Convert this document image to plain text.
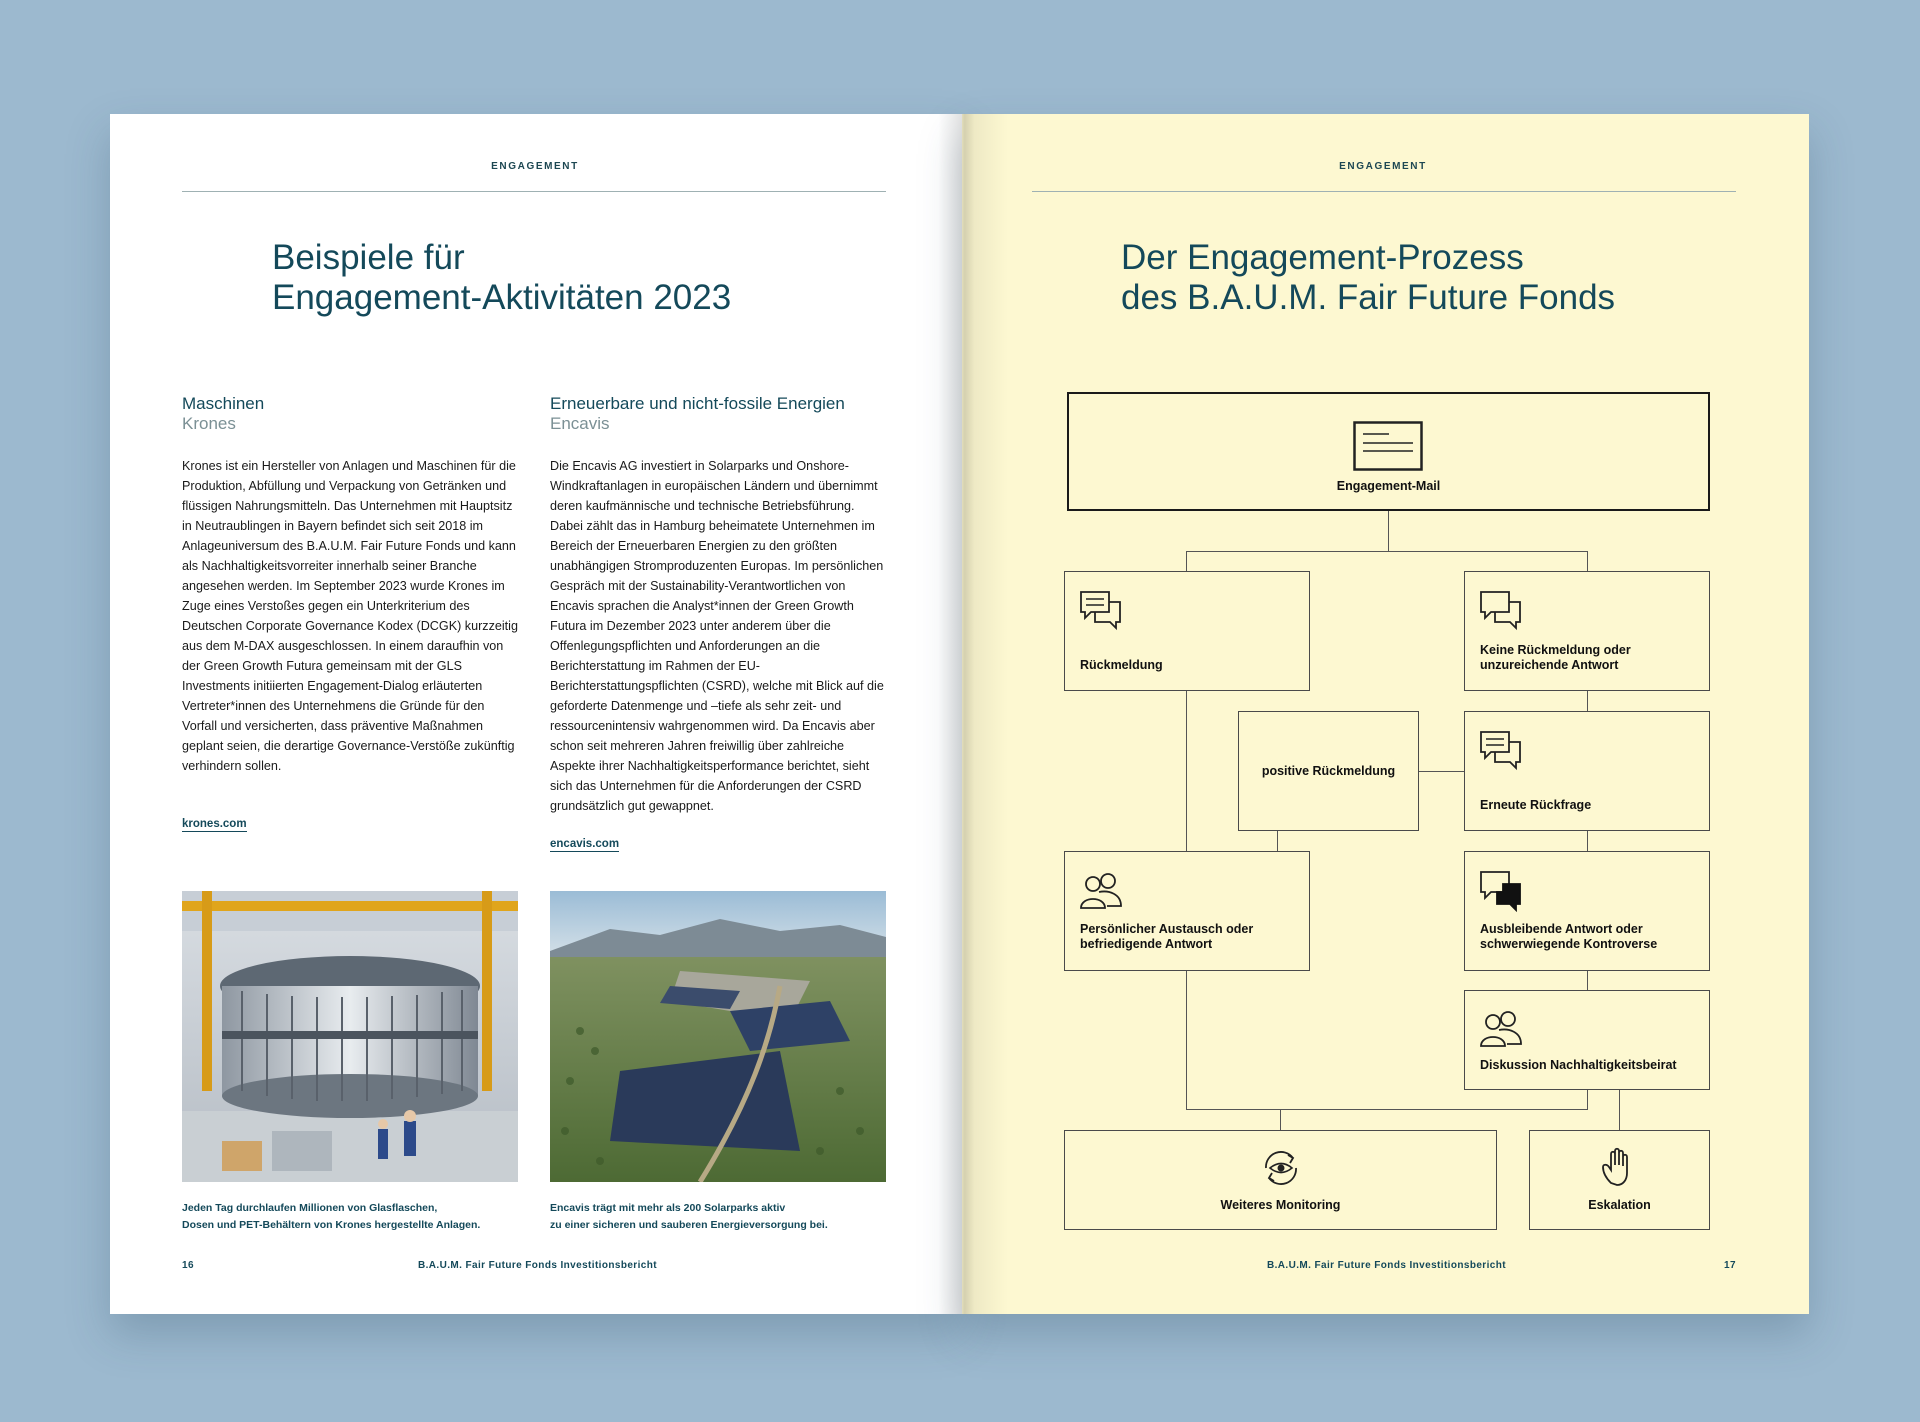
ENGAGEMENT
Beispiele für
Engagement-Aktivitäten 2023
Maschinen
Krones
Krones ist ein Hersteller von Anlagen und Maschinen für die Produktion, Abfüllung und Verpackung von Getränken und flüssigen Nahrungsmitteln. Das Unternehmen mit Hauptsitz in Neutraublingen in Bayern befindet sich seit 2018 im Anlageuniversum des B.A.U.M. Fair Future Fonds und kann als Nachhaltigkeitsvorreiter innerhalb seiner Branche angesehen werden. Im September 2023 wurde Krones im Zuge eines Verstoßes gegen ein Unterkriterium des Deutschen Corporate Governance Kodex (DCGK) kurzzeitig aus dem M-DAX ausgeschlossen. In einem daraufhin von der Green Growth Futura gemeinsam mit der GLS Investments initiierten Engagement-Dialog erläuterten Vertreter*innen des Unternehmens die Gründe für den Vorfall und versicherten, dass präventive Maßnahmen geplant seien, die derartige Governance-Verstöße zukünftig verhindern sollen.
krones.com
Erneuerbare und nicht-fossile Energien
Encavis
Die Encavis AG investiert in Solarparks und Onshore-Windkraftanlagen in europäischen Ländern und übernimmt deren kaufmännische und technische Betriebsführung. Dabei zählt das in Hamburg beheimatete Unternehmen im Bereich der Erneuerbaren Energien zu den größten unabhängigen Stromproduzenten Europas. Im persönlichen Gespräch mit der Sustainability-Verantwortlichen von Encavis sprachen die Analyst*innen der Green Growth Futura im Dezember 2023 unter anderem über die Offenlegungspflichten und Anforderungen an die Berichterstattung im Rahmen der EU-Berichterstattungspflichten (CSRD), welche mit Blick auf die geforderte Datenmenge und –tiefe als sehr zeit- und ressourcenintensiv wahrgenommen wird. Da Encavis aber schon seit mehreren Jahren freiwillig über zahlreiche Aspekte ihrer Nachhaltigkeitsperformance berichtet, sieht sich das Unternehmen für die Anforderungen der CSRD grundsätzlich gut gewappnet.
encavis.com
Jeden Tag durchlaufen Millionen von Glasflaschen,
Dosen und PET-Behältern von Krones hergestellte Anlagen.
Encavis trägt mit mehr als 200 Solarparks aktiv
zu einer sicheren und sauberen Energieversorgung bei.
16	B.A.U.M. Fair Future Fonds Investitionsbericht
ENGAGEMENT
Der Engagement-Prozess
des B.A.U.M. Fair Future Fonds
Engagement-Mail
Rückmeldung
Keine Rückmeldung oder
unzureichende Antwort
positive Rückmeldung
Erneute Rückfrage
Persönlicher Austausch oder
befriedigende Antwort
Ausbleibende Antwort oder
schwerwiegende Kontroverse
Diskussion Nachhaltigkeitsbeirat
Weiteres Monitoring	Eskalation
B.A.U.M. Fair Future Fonds Investitionsbericht	17
